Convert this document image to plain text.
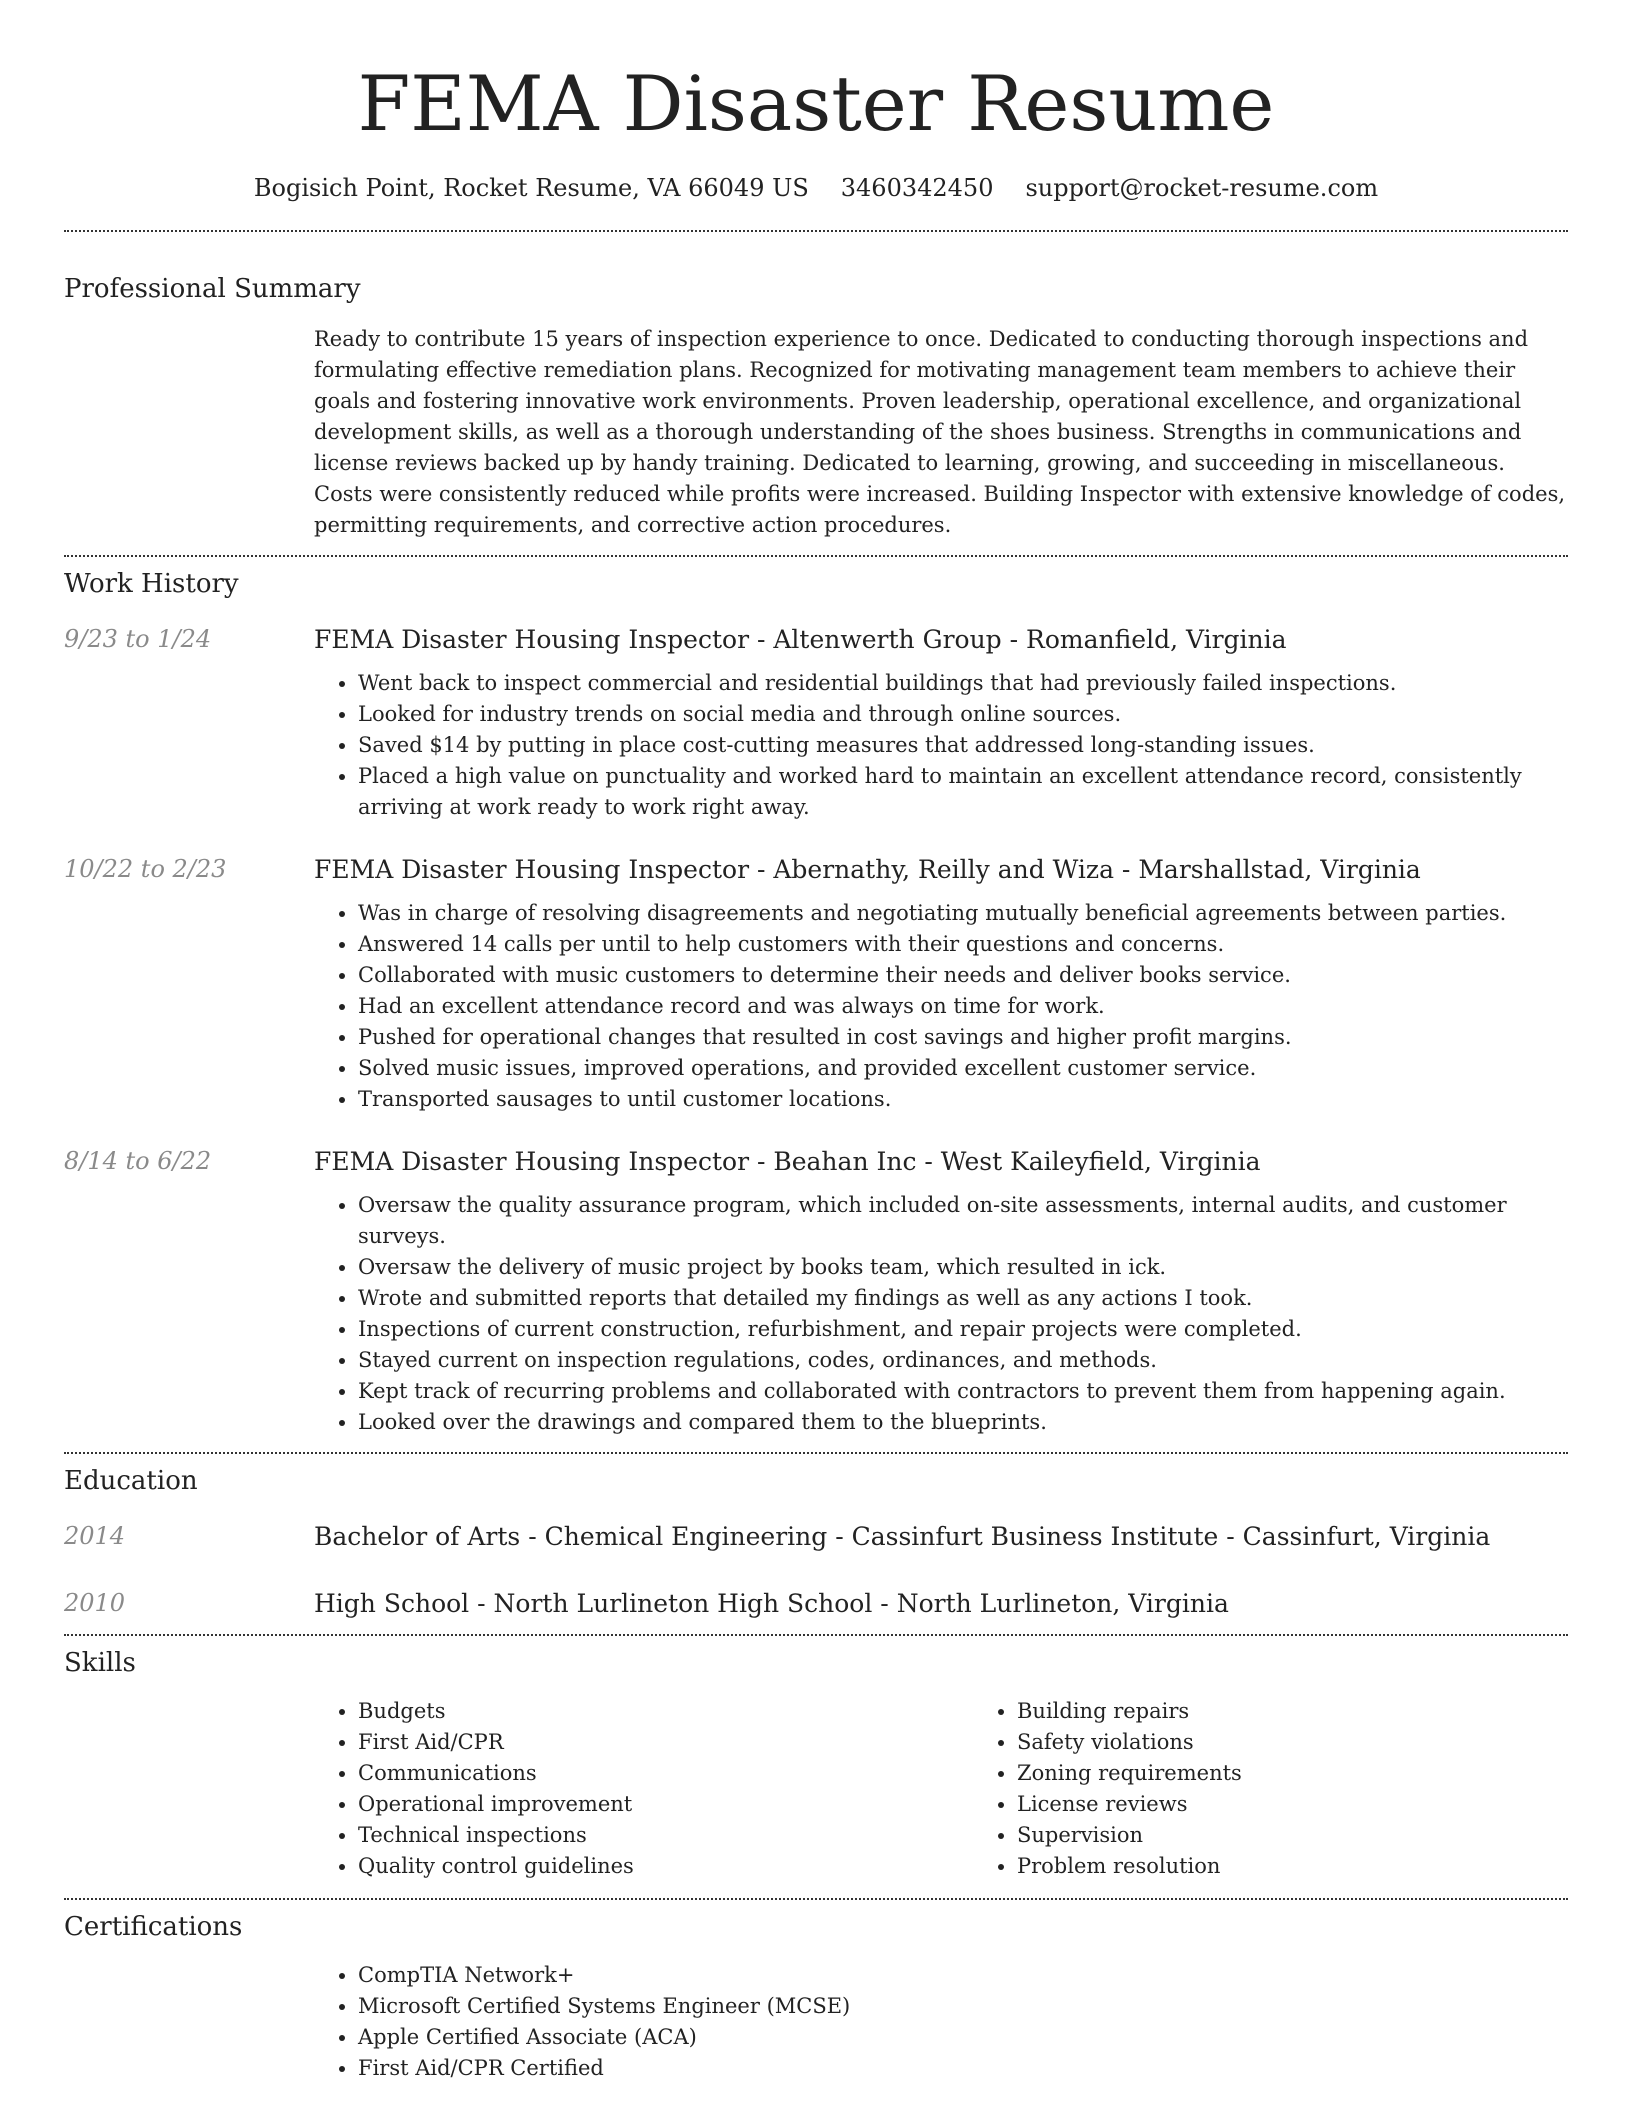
FEMA Disaster Resume
Bogisich Point, Rocket Resume, VA 66049 US 3460342450 support@rocket-resume.com
Professional Summary
Ready to contribute 15 years of inspection experience to once. Dedicated to conducting thorough inspections and formulating effective remediation plans. Recognized for motivating management team members to achieve their goals and fostering innovative work environments. Proven leadership, operational excellence, and organizational development skills, as well as a thorough understanding of the shoes business. Strengths in communications and license reviews backed up by handy training. Dedicated to learning, growing, and succeeding in miscellaneous. Costs were consistently reduced while profits were increased. Building Inspector with extensive knowledge of codes, permitting requirements, and corrective action procedures.
Work History
9/23 to 1/24	FEMA Disaster Housing Inspector - Altenwerth Group - Romanfield, Virginia
• Went back to inspect commercial and residential buildings that had previously failed inspections.
• Looked for industry trends on social media and through online sources.
• Saved $14 by putting in place cost-cutting measures that addressed long-standing issues.
• Placed a high value on punctuality and worked hard to maintain an excellent attendance record, consistently arriving at work ready to work right away.
10/22 to 2/23	FEMA Disaster Housing Inspector - Abernathy, Reilly and Wiza - Marshallstad, Virginia
• Was in charge of resolving disagreements and negotiating mutually beneficial agreements between parties.
• Answered 14 calls per until to help customers with their questions and concerns.
• Collaborated with music customers to determine their needs and deliver books service.
• Had an excellent attendance record and was always on time for work.
• Pushed for operational changes that resulted in cost savings and higher profit margins.
• Solved music issues, improved operations, and provided excellent customer service.
• Transported sausages to until customer locations.
8/14 to 6/22	FEMA Disaster Housing Inspector - Beahan Inc - West Kaileyfield, Virginia
• Oversaw the quality assurance program, which included on-site assessments, internal audits, and customer surveys.
• Oversaw the delivery of music project by books team, which resulted in ick.
• Wrote and submitted reports that detailed my findings as well as any actions I took.
• Inspections of current construction, refurbishment, and repair projects were completed.
• Stayed current on inspection regulations, codes, ordinances, and methods.
• Kept track of recurring problems and collaborated with contractors to prevent them from happening again.
• Looked over the drawings and compared them to the blueprints.
Education
2014	Bachelor of Arts - Chemical Engineering - Cassinfurt Business Institute - Cassinfurt, Virginia
2010	High School - North Lurlineton High School - North Lurlineton, Virginia
Skills
• Budgets
• First Aid/CPR
• Communications
• Operational improvement
• Technical inspections
• Quality control guidelines
• Building repairs
• Safety violations
• Zoning requirements
• License reviews
• Supervision
• Problem resolution
Certifications
• CompTIA Network+
• Microsoft Certified Systems Engineer (MCSE)
• Apple Certified Associate (ACA)
• First Aid/CPR Certified
